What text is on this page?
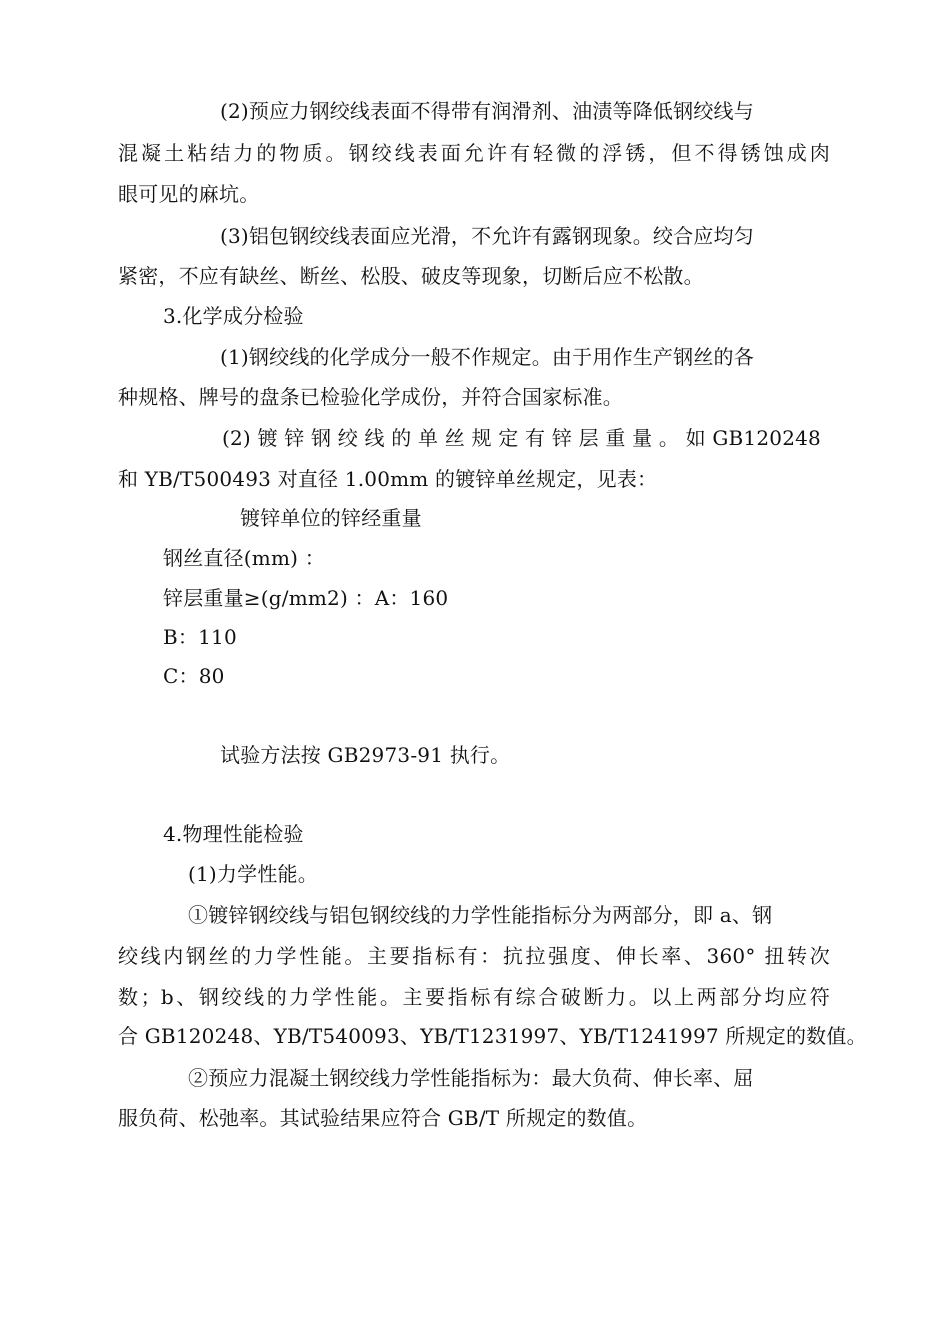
(2)预应力钢绞线表面不得带有润滑剂、油渍等降低钢绞线与
混凝土粘结力的物质。钢绞线表面允许有轻微的浮锈，但不得锈蚀成肉
眼可见的麻坑。
(3)铝包钢绞线表面应光滑，不允许有露钢现象。绞合应均匀
紧密，不应有缺丝、断丝、松股、破皮等现象，切断后应不松散。
3.化学成分检验
(1)钢绞线的化学成分一般不作规定。由于用作生产钢丝的各
种规格、牌号的盘条已检验化学成份，并符合国家标准。
(2) 镀 锌 钢 绞 线 的 单 丝 规 定 有 锌 层 重 量 。 如 GB120248
和 YB/T500493 对直径 1.00mm 的镀锌单丝规定，见表：
镀锌单位的锌经重量
钢丝直径(mm) ：
锌层重量≥(g/mm2) ：A：160
B：110
C：80
试验方法按 GB2973-91 执行。
4.物理性能检验
(1)力学性能。
①镀锌钢绞线与铝包钢绞线的力学性能指标分为两部分，即 a、钢
绞线内钢丝的力学性能。主要指标有：抗拉强度、伸长率、360° 扭转次
数；b、钢绞线的力学性能。主要指标有综合破断力。以上两部分均应符
合 GB120248、YB/T540093、YB/T1231997、YB/T1241997 所规定的数值。
②预应力混凝土钢绞线力学性能指标为：最大负荷、伸长率、屈
服负荷、松弛率。其试验结果应符合 GB/T 所规定的数值。
